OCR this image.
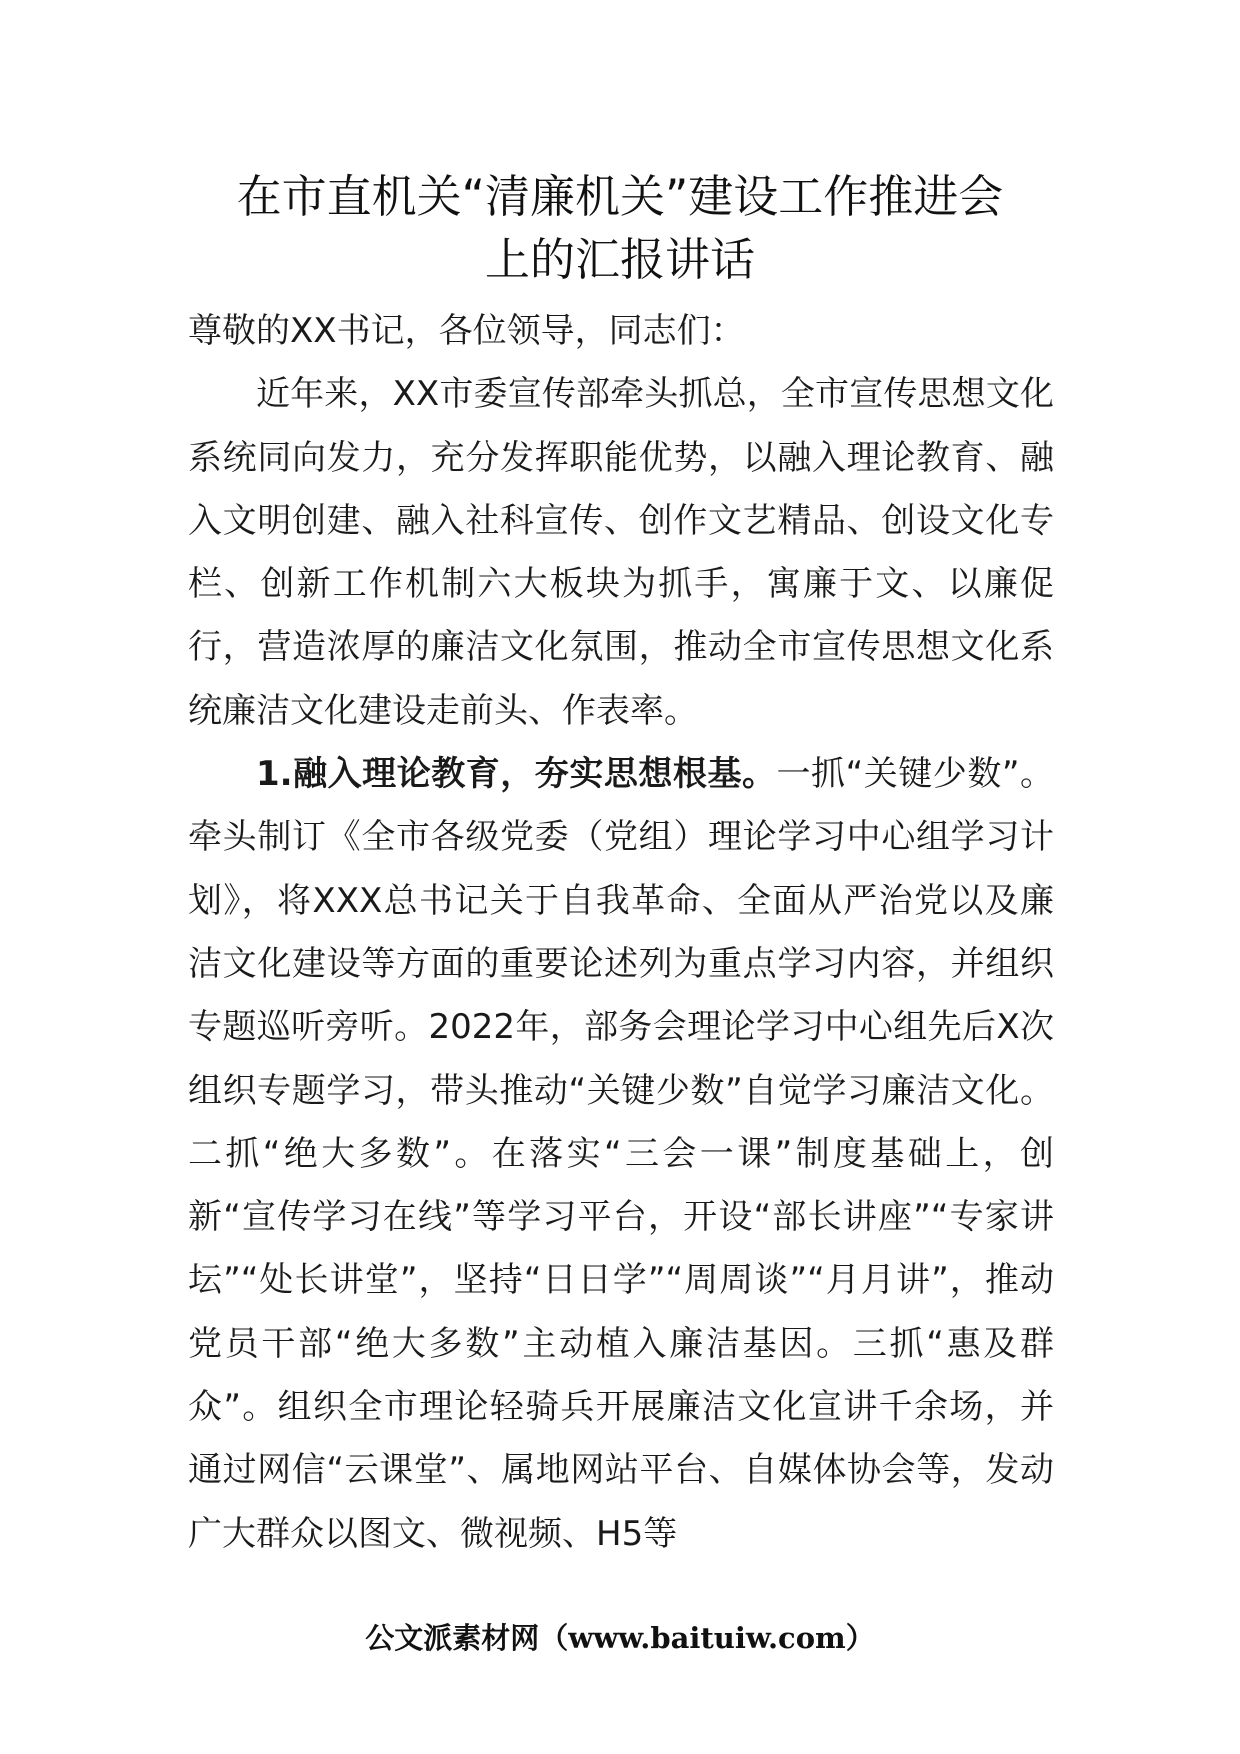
在市直机关“清廉机关”建设工作推进会
上的汇报讲话

尊敬的XX书记，各位领导，同志们：

近年来，XX市委宣传部牵头抓总，全市宣传思想文化系统同向发力，充分发挥职能优势，以融入理论教育、融入文明创建、融入社科宣传、创作文艺精品、创设文化专栏、创新工作机制六大板块为抓手，寓廉于文、以廉促行，营造浓厚的廉洁文化氛围，推动全市宣传思想文化系统廉洁文化建设走前头、作表率。

1.融入理论教育，夯实思想根基。一抓“关键少数”。牵头制订《全市各级党委（党组）理论学习中心组学习计划》，将XXX总书记关于自我革命、全面从严治党以及廉洁文化建设等方面的重要论述列为重点学习内容，并组织专题巡听旁听。2022年，部务会理论学习中心组先后X次组织专题学习，带头推动“关键少数”自觉学习廉洁文化。二抓“绝大多数”。在落实“三会一课”制度基础上，创新“宣传学习在线”等学习平台，开设“部长讲座”“专家讲坛”“处长讲堂”，坚持“日日学”“周周谈”“月月讲”，推动党员干部“绝大多数”主动植入廉洁基因。三抓“惠及群众”。组织全市理论轻骑兵开展廉洁文化宣讲千余场，并通过网信“云课堂”、属地网站平台、自媒体协会等，发动广大群众以图文、微视频、H5等

公文派素材网（www.baituiw.com）
